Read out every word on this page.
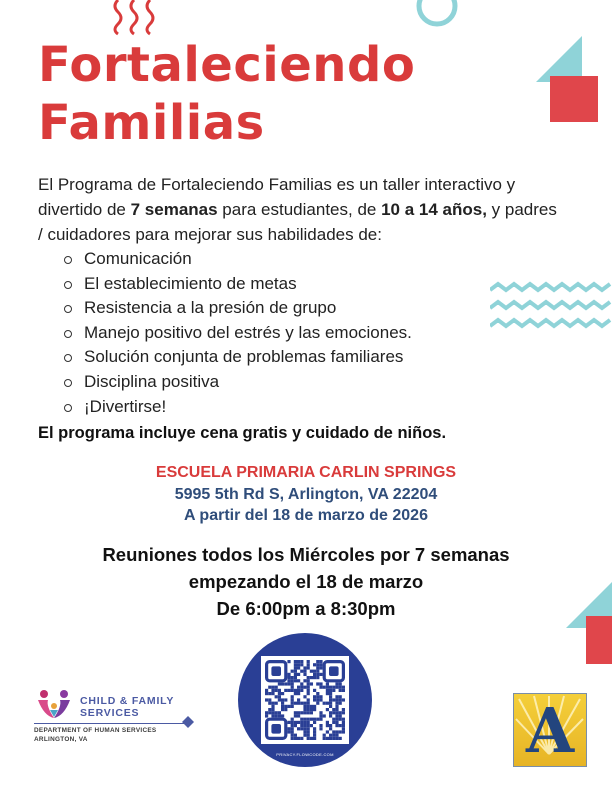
Fortaleciendo
Familias

El Programa de Fortaleciendo Familias es un taller interactivo y divertido de 7 semanas para estudiantes, de 10 a 14 años, y padres / cuidadores para mejorar sus habilidades de:

Comunicación
El establecimiento de metas
Resistencia a la presión de grupo
Manejo positivo del estrés y las emociones.
Solución conjunta de problemas familiares
Disciplina positiva
¡Divertirse!

El programa incluye cena gratis y cuidado de niños.

ESCUELA PRIMARIA CARLIN SPRINGS

5995 5th Rd S, Arlington, VA 22204
A partir del 18 de marzo de 2026

Reuniones todos los Miércoles por 7 semanas
empezando el 18 de marzo
De 6:00pm a 8:30pm

PRIVACY.FLOWCODE.COM
CHILD & FAMILY
SERVICES
DEPARTMENT OF HUMAN SERVICES
ARLINGTON, VA	A
